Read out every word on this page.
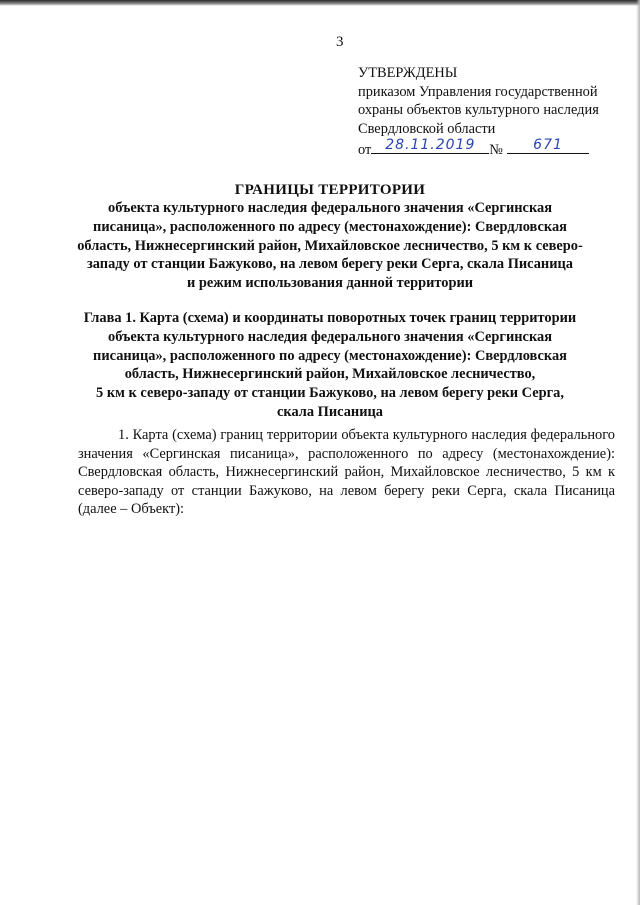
3
УТВЕРЖДЕНЫ
приказом Управления государственной
охраны объектов культурного наследия
Свердловской области
от 28.11.2019 №	671
ГРАНИЦЫ ТЕРРИТОРИИ
объекта культурного наследия федерального значения «Сергинская
писаница», расположенного по адресу (местонахождение): Свердловская
область, Нижнесергинский район, Михайловское лесничество, 5 км к северо-
западу от станции Бажуково, на левом берегу реки Серга, скала Писаница
и режим использования данной территории
Глава 1. Карта (схема) и координаты поворотных точек границ территории
объекта культурного наследия федерального значения «Сергинская
писаница», расположенного по адресу (местонахождение): Свердловская
область, Нижнесергинский район, Михайловское лесничество,
5 км к северо-западу от станции Бажуково, на левом берегу реки Серга,
скала Писаница
1. Карта (схема) границ территории объекта культурного наследия федерального значения «Сергинская писаница», расположенного по адресу (местонахождение): Свердловская область, Нижнесергинский район, Михайловское лесничество, 5 км к северо-западу от станции Бажуково, на левом берегу реки Серга, скала Писаница (далее – Объект):
